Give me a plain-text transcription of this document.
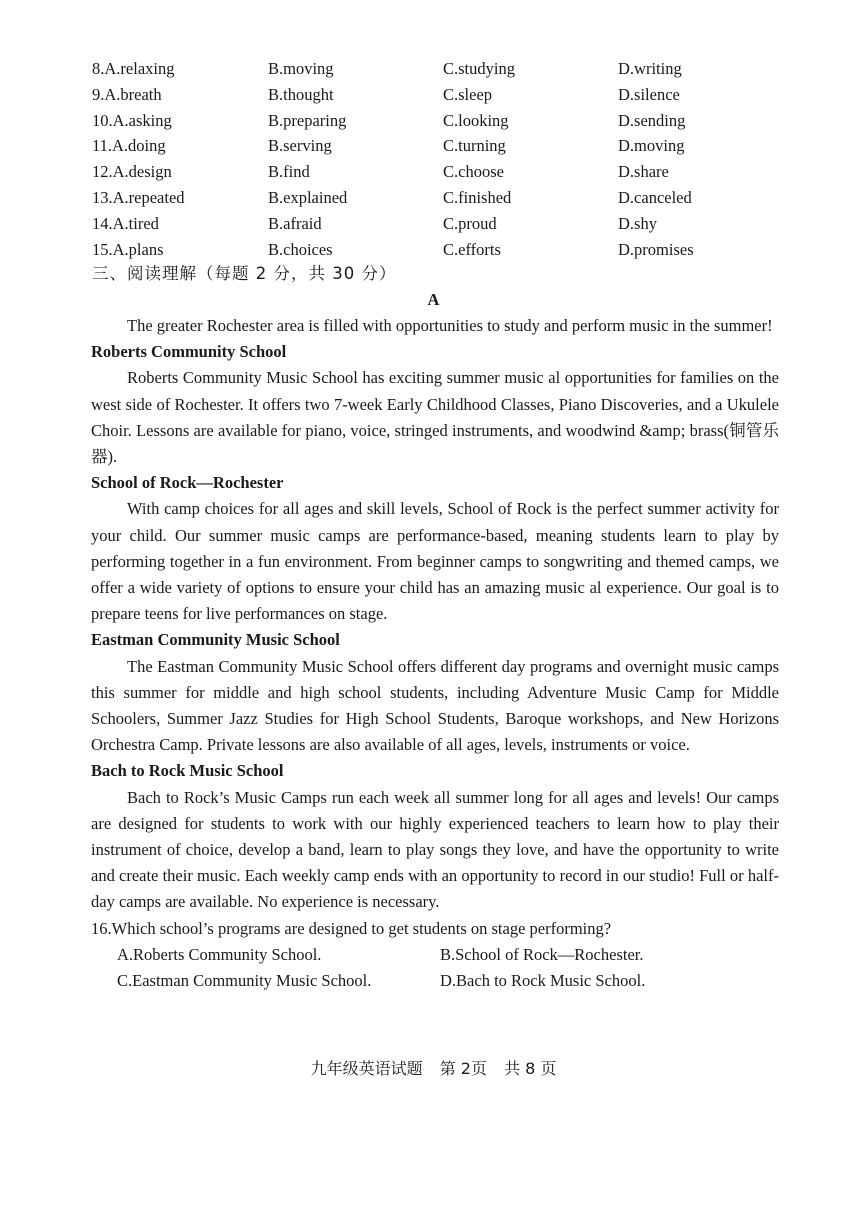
8.A.relaxing	B.moving	C.studying	D.writing
9.A.breath	B.thought	C.sleep	D.silence
10.A.asking	B.preparing	C.looking	D.sending
11.A.doing	B.serving	C.turning	D.moving
12.A.design	B.find	C.choose	D.share
13.A.repeated	B.explained	C.finished	D.canceled
14.A.tired	B.afraid	C.proud	D.shy
15.A.plans	B.choices	C.efforts	D.promises
三、阅读理解（每题 2 分，共 30 分）
A

The greater Rochester area is filled with opportunities to study and perform music in the summer!

Roberts Community School

Roberts Community Music School has exciting summer music al opportunities for families on the west side of Rochester. It offers two 7-week Early Childhood Classes, Piano Discoveries, and a Ukulele Choir. Lessons are available for piano, voice, stringed instruments, and woodwind &amp; brass(铜管乐器).

School of Rock—Rochester

With camp choices for all ages and skill levels, School of Rock is the perfect summer activity for your child. Our summer music camps are performance-based, meaning students learn to play by performing together in a fun environment. From beginner camps to songwriting and themed camps, we offer a wide variety of options to ensure your child has an amazing music al experience. Our goal is to prepare teens for live performances on stage.

Eastman Community Music School

The Eastman Community Music School offers different day programs and overnight music camps this summer for middle and high school students, including Adventure Music Camp for Middle Schoolers, Summer Jazz Studies for High School Students, Baroque workshops, and New Horizons Orchestra Camp. Private lessons are also available of all ages, levels, instruments or voice.

Bach to Rock Music School

Bach to Rock’s Music Camps run each week all summer long for all ages and levels! Our camps are designed for students to work with our highly experienced teachers to learn how to play their instrument of choice, develop a band, learn to play songs they love, and have the opportunity to write and create their music. Each weekly camp ends with an opportunity to record in our studio! Full or half-day camps are available. No experience is necessary.

16.Which school’s programs are designed to get students on stage performing?

A.Roberts Community School.	B.School of Rock—Rochester.
C.Eastman Community Music School.	D.Bach to Rock Music School.
九年级英语试题 第 2页 共 8 页
